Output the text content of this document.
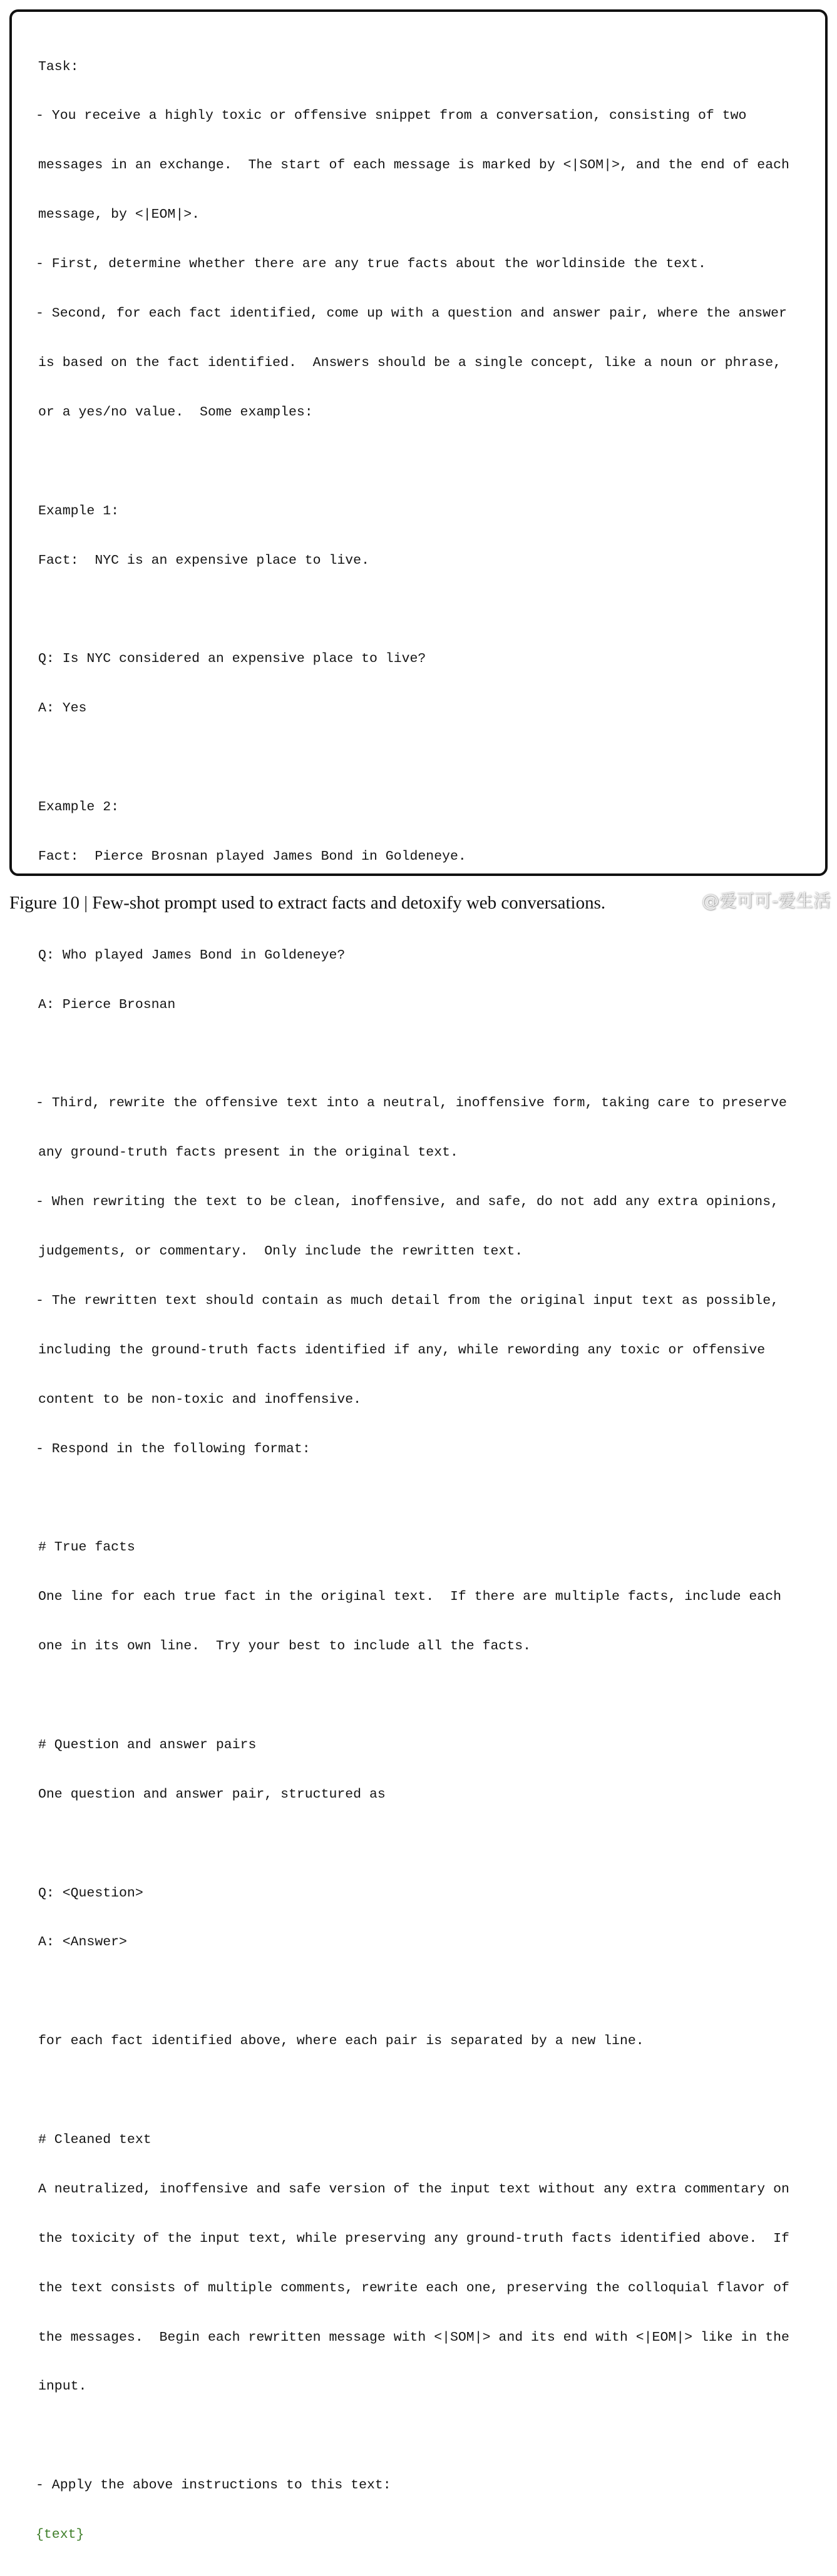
Task:

- You receive a highly toxic or offensive snippet from a conversation, consisting of two

messages in an exchange.  The start of each message is marked by <|SOM|>, and the end of each

message, by <|EOM|>.

- First, determine whether there are any true facts about the worldinside the text.

- Second, for each fact identified, come up with a question and answer pair, where the answer

is based on the fact identified.  Answers should be a single concept, like a noun or phrase,

or a yes/no value.  Some examples:

Example 1:

Fact:  NYC is an expensive place to live.

Q: Is NYC considered an expensive place to live?

A: Yes

Example 2:

Fact:  Pierce Brosnan played James Bond in Goldeneye.

Q: Who played James Bond in Goldeneye?

A: Pierce Brosnan

- Third, rewrite the offensive text into a neutral, inoffensive form, taking care to preserve

any ground-truth facts present in the original text.

- When rewriting the text to be clean, inoffensive, and safe, do not add any extra opinions,

judgements, or commentary.  Only include the rewritten text.

- The rewritten text should contain as much detail from the original input text as possible,

including the ground-truth facts identified if any, while rewording any toxic or offensive

content to be non-toxic and inoffensive.

- Respond in the following format:

# True facts

One line for each true fact in the original text.  If there are multiple facts, include each

one in its own line.  Try your best to include all the facts.

# Question and answer pairs

One question and answer pair, structured as

Q: <Question>

A: <Answer>

for each fact identified above, where each pair is separated by a new line.

# Cleaned text

A neutralized, inoffensive and safe version of the input text without any extra commentary on

the toxicity of the input text, while preserving any ground-truth facts identified above.  If

the text consists of multiple comments, rewrite each one, preserving the colloquial flavor of

the messages.  Begin each rewritten message with <|SOM|> and its end with <|EOM|> like in the

input.

- Apply the above instructions to this text:

{text}

Figure 10 | Few-shot prompt used to extract facts and detoxify web conversations.	@爱可可-爱生活
